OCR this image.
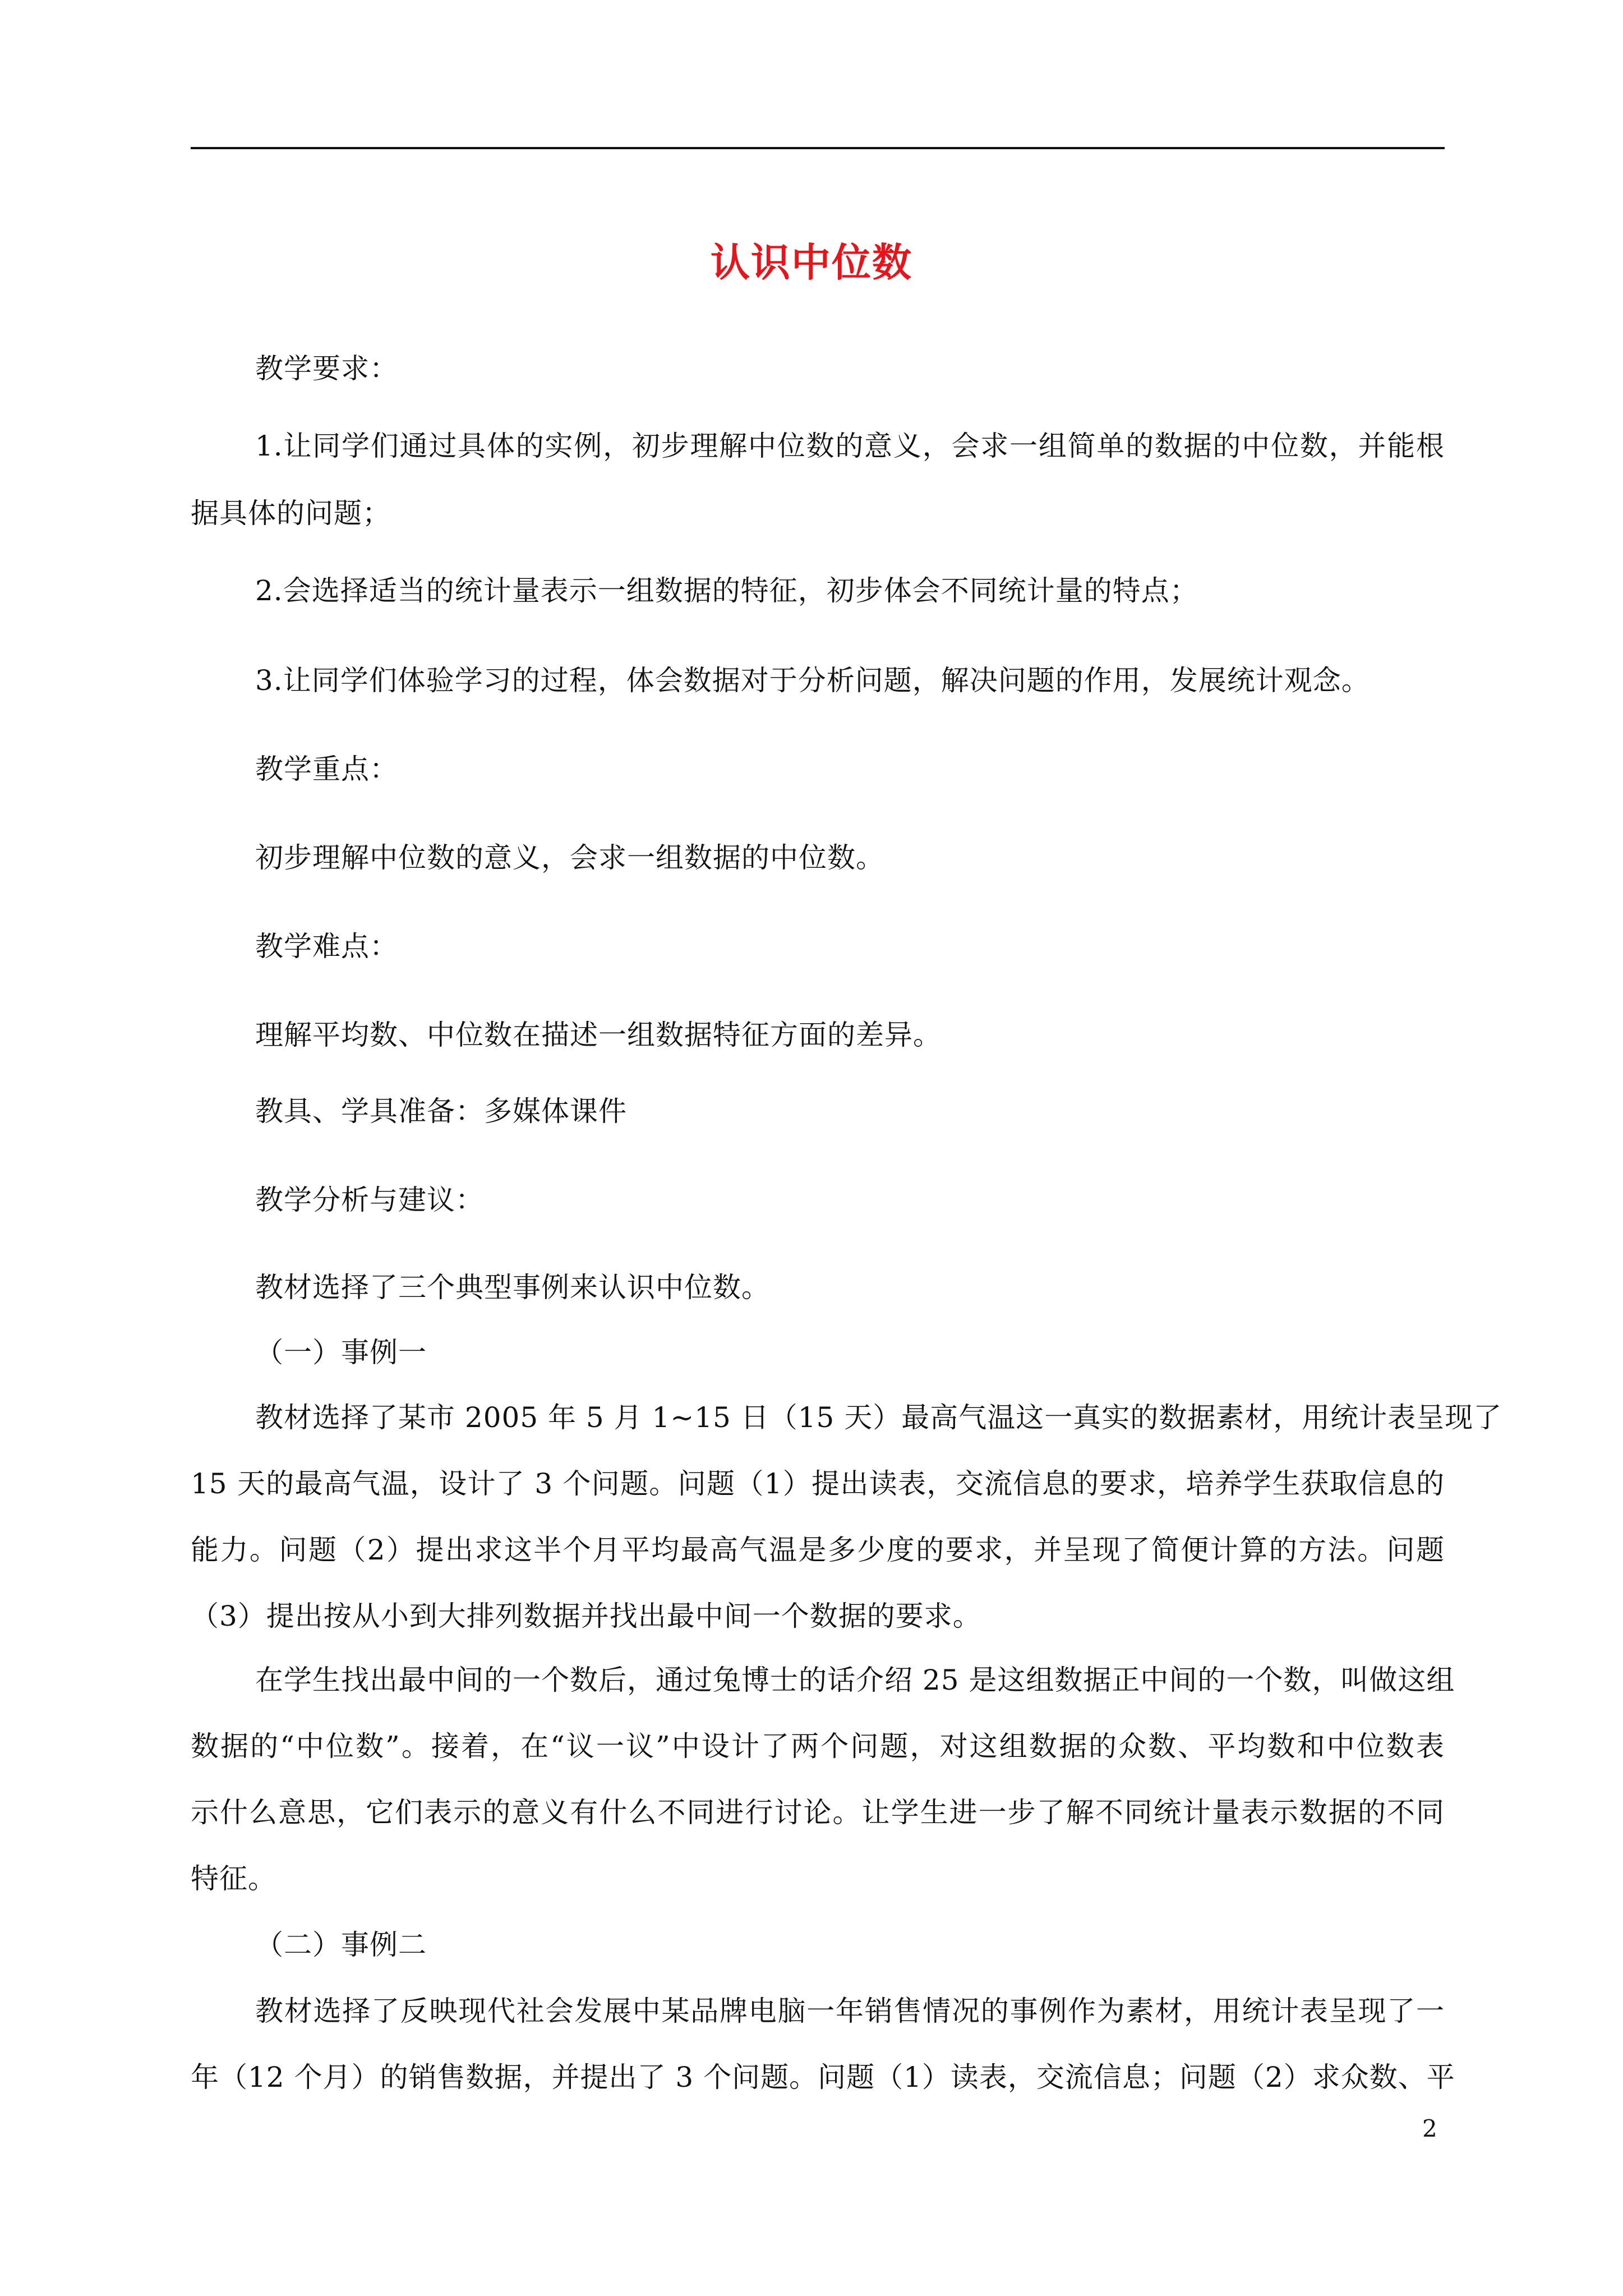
认识中位数
教学要求：
1.让同学们通过具体的实例，初步理解中位数的意义，会求一组简单的数据的中位数，并能根
据具体的问题；
2.会选择适当的统计量表示一组数据的特征，初步体会不同统计量的特点；
3.让同学们体验学习的过程，体会数据对于分析问题，解决问题的作用，发展统计观念。
教学重点：
初步理解中位数的意义，会求一组数据的中位数。
教学难点：
理解平均数、中位数在描述一组数据特征方面的差异。
教具、学具准备：多媒体课件
教学分析与建议：
教材选择了三个典型事例来认识中位数。
（一）事例一
教材选择了某市 2005 年 5 月 1~15 日（15 天）最高气温这一真实的数据素材，用统计表呈现了
15 天的最高气温，设计了 3 个问题。问题（1）提出读表，交流信息的要求，培养学生获取信息的
能力。问题（2）提出求这半个月平均最高气温是多少度的要求，并呈现了简便计算的方法。问题
（3）提出按从小到大排列数据并找出最中间一个数据的要求。
在学生找出最中间的一个数后，通过兔博士的话介绍 25 是这组数据正中间的一个数，叫做这组
数据的“中位数”。接着，在“议一议”中设计了两个问题，对这组数据的众数、平均数和中位数表
示什么意思，它们表示的意义有什么不同进行讨论。让学生进一步了解不同统计量表示数据的不同
特征。
（二）事例二
教材选择了反映现代社会发展中某品牌电脑一年销售情况的事例作为素材，用统计表呈现了一
年（12 个月）的销售数据，并提出了 3 个问题。问题（1）读表，交流信息；问题（2）求众数、平
2
